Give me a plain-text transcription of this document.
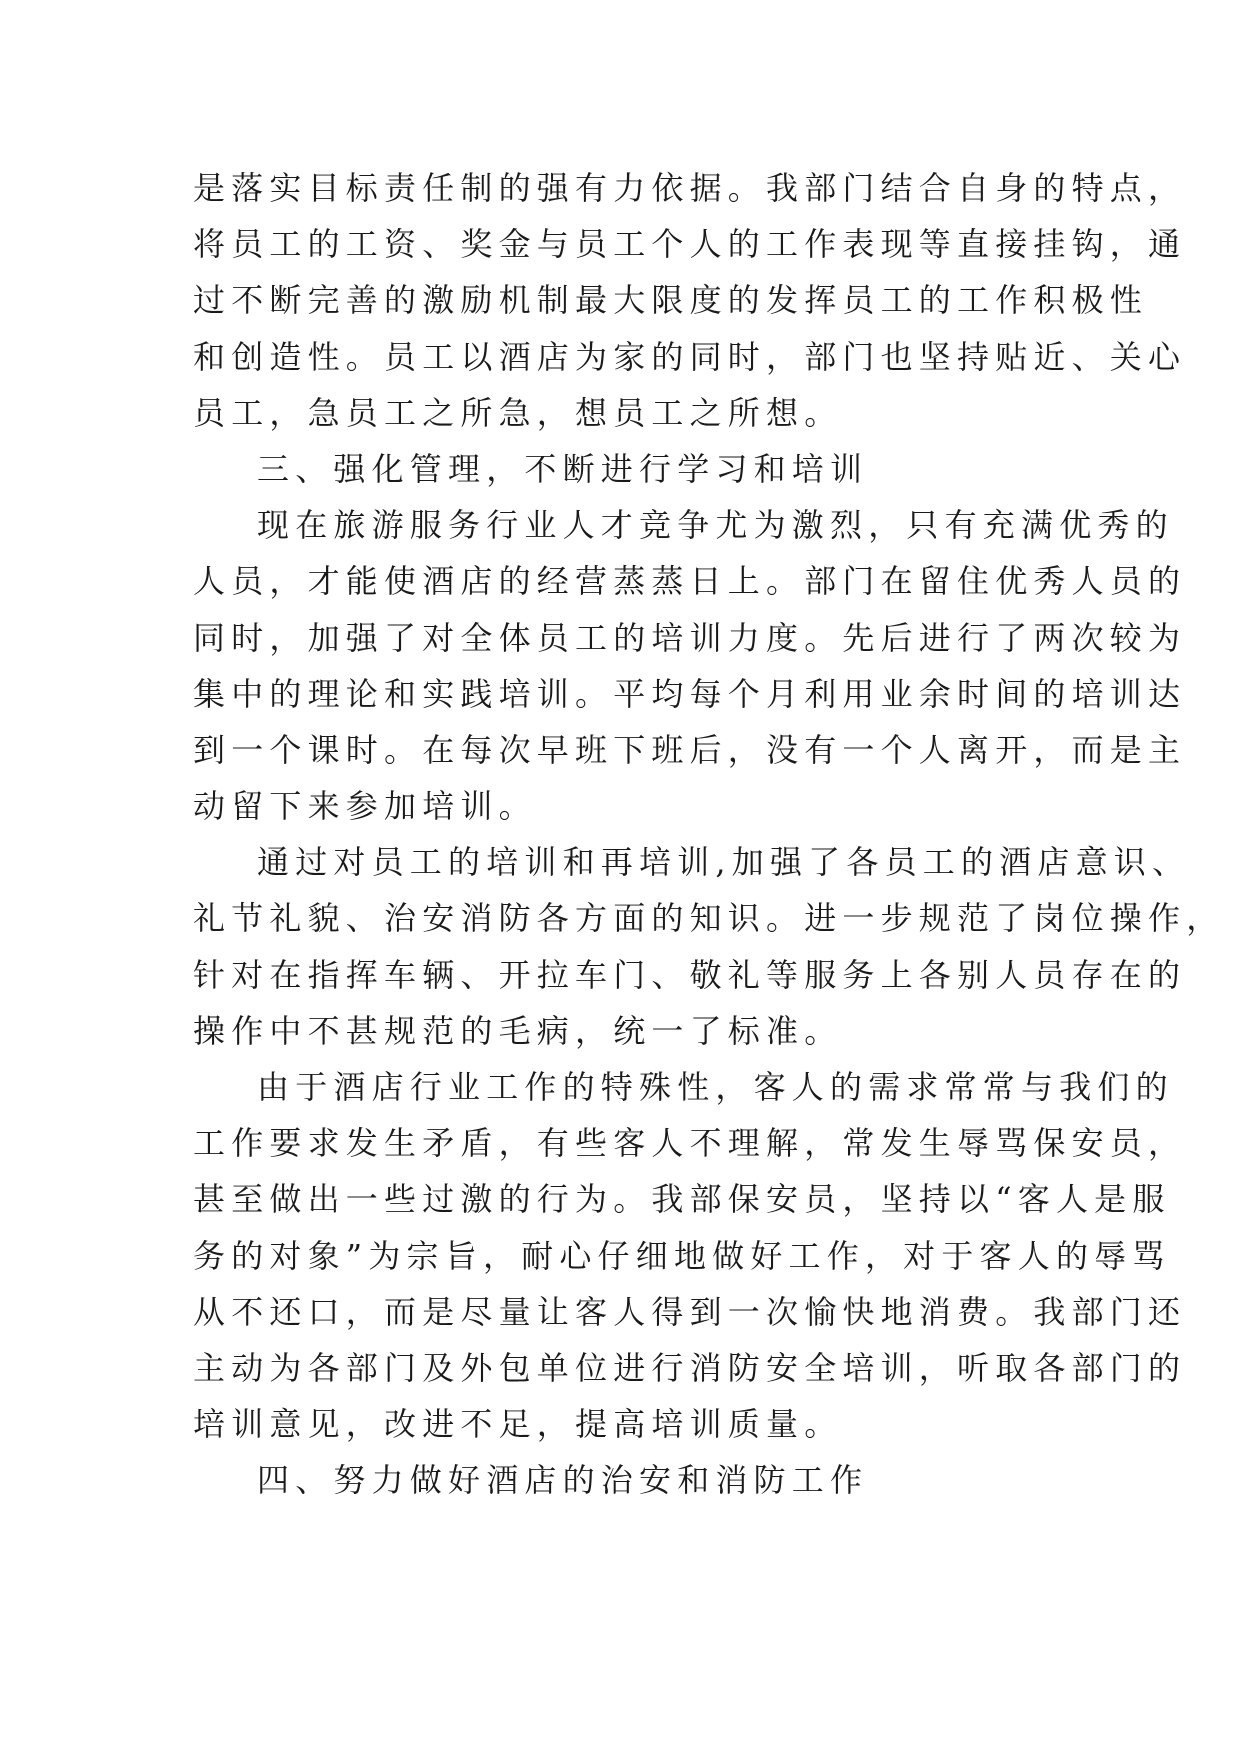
是落实目标责任制的强有力依据。我部门结合自身的特点，
将员工的工资、奖金与员工个人的工作表现等直接挂钩，通
过不断完善的激励机制最大限度的发挥员工的工作积极性
和创造性。员工以酒店为家的同时，部门也坚持贴近、关心
员工，急员工之所急，想员工之所想。
三、强化管理，不断进行学习和培训
现在旅游服务行业人才竞争尤为激烈，只有充满优秀的
人员，才能使酒店的经营蒸蒸日上。部门在留住优秀人员的
同时，加强了对全体员工的培训力度。先后进行了两次较为
集中的理论和实践培训。平均每个月利用业余时间的培训达
到一个课时。在每次早班下班后，没有一个人离开，而是主
动留下来参加培训。
通过对员工的培训和再培训,加强了各员工的酒店意识、
礼节礼貌、治安消防各方面的知识。进一步规范了岗位操作，
针对在指挥车辆、开拉车门、敬礼等服务上各别人员存在的
操作中不甚规范的毛病，统一了标准。
由于酒店行业工作的特殊性，客人的需求常常与我们的
工作要求发生矛盾，有些客人不理解，常发生辱骂保安员，
甚至做出一些过激的行为。我部保安员，坚持以“客人是服
务的对象”为宗旨，耐心仔细地做好工作，对于客人的辱骂
从不还口，而是尽量让客人得到一次愉快地消费。我部门还
主动为各部门及外包单位进行消防安全培训，听取各部门的
培训意见，改进不足，提高培训质量。
四、努力做好酒店的治安和消防工作
